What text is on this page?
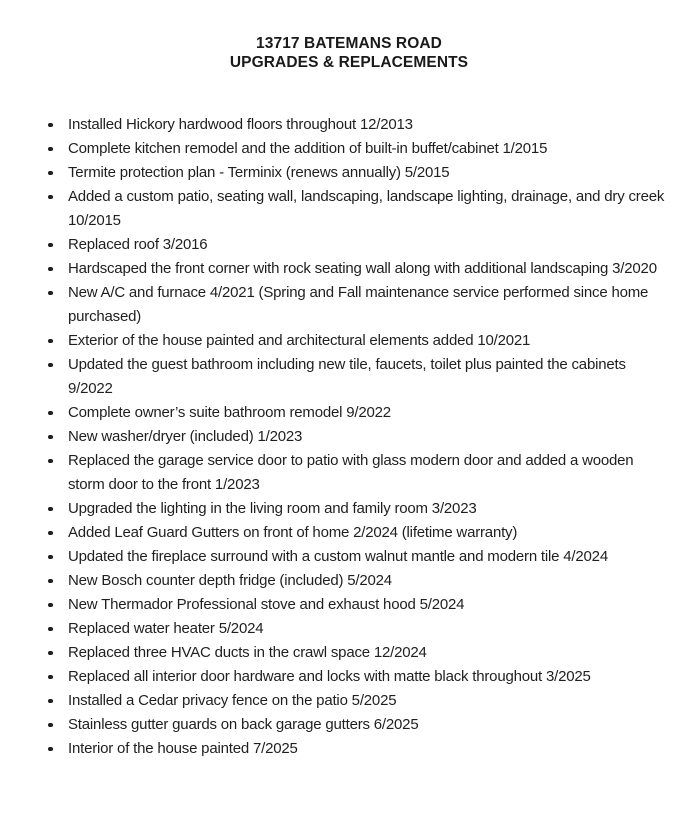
13717 BATEMANS ROAD
UPGRADES & REPLACEMENTS
Installed Hickory hardwood floors throughout 12/2013
Complete kitchen remodel and the addition of built-in buffet/cabinet 1/2015
Termite protection plan - Terminix (renews annually) 5/2015
Added a custom patio, seating wall, landscaping, landscape lighting, drainage, and dry creek 10/2015
Replaced roof 3/2016
Hardscaped the front corner with rock seating wall along with additional landscaping 3/2020
New A/C and furnace 4/2021 (Spring and Fall maintenance service performed since home purchased)
Exterior of the house painted and architectural elements added 10/2021
Updated the guest bathroom including new tile, faucets, toilet plus painted the cabinets 9/2022
Complete owner’s suite bathroom remodel 9/2022
New washer/dryer (included) 1/2023
Replaced the garage service door to patio with glass modern door and added a wooden storm door to the front 1/2023
Upgraded the lighting in the living room and family room 3/2023
Added Leaf Guard Gutters on front of home 2/2024 (lifetime warranty)
Updated the fireplace surround with a custom walnut mantle and modern tile 4/2024
New Bosch counter depth fridge (included) 5/2024
New Thermador Professional stove and exhaust hood 5/2024
Replaced water heater 5/2024
Replaced three HVAC ducts in the crawl space 12/2024
Replaced all interior door hardware and locks with matte black throughout 3/2025
Installed a Cedar privacy fence on the patio 5/2025
Stainless gutter guards on back garage gutters 6/2025
Interior of the house painted 7/2025
